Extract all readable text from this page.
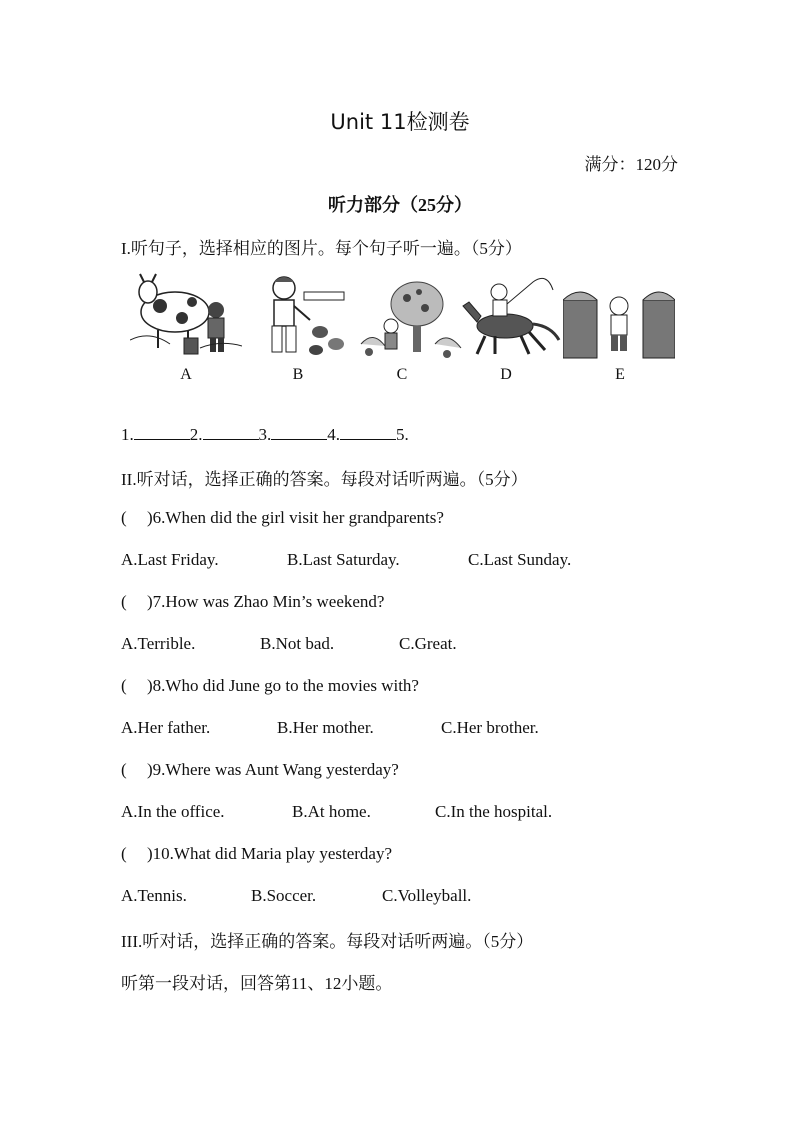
Unit 11检测卷
满分：120分
听力部分（25分）
I.听句子，选择相应的图片。每个句子听一遍。（5分）
A	B	C	D	E
1.	2.	3.	4.	5.
II.听对话，选择正确的答案。每段对话听两遍。（5分）
( )6.When did the girl visit her grandparents?
A.Last Friday.	B.Last Saturday.	C.Last Sunday.
( )7.How was Zhao Min’s weekend?
A.Terrible.	B.Not bad.	C.Great.
( )8.Who did June go to the movies with?
A.Her father.	B.Her mother.	C.Her brother.
( )9.Where was Aunt Wang yesterday?
A.In the office.	B.At home.	C.In the hospital.
( )10.What did Maria play yesterday?
A.Tennis.	B.Soccer.	C.Volleyball.
III.听对话，选择正确的答案。每段对话听两遍。（5分）
听第一段对话，回答第11、12小题。
